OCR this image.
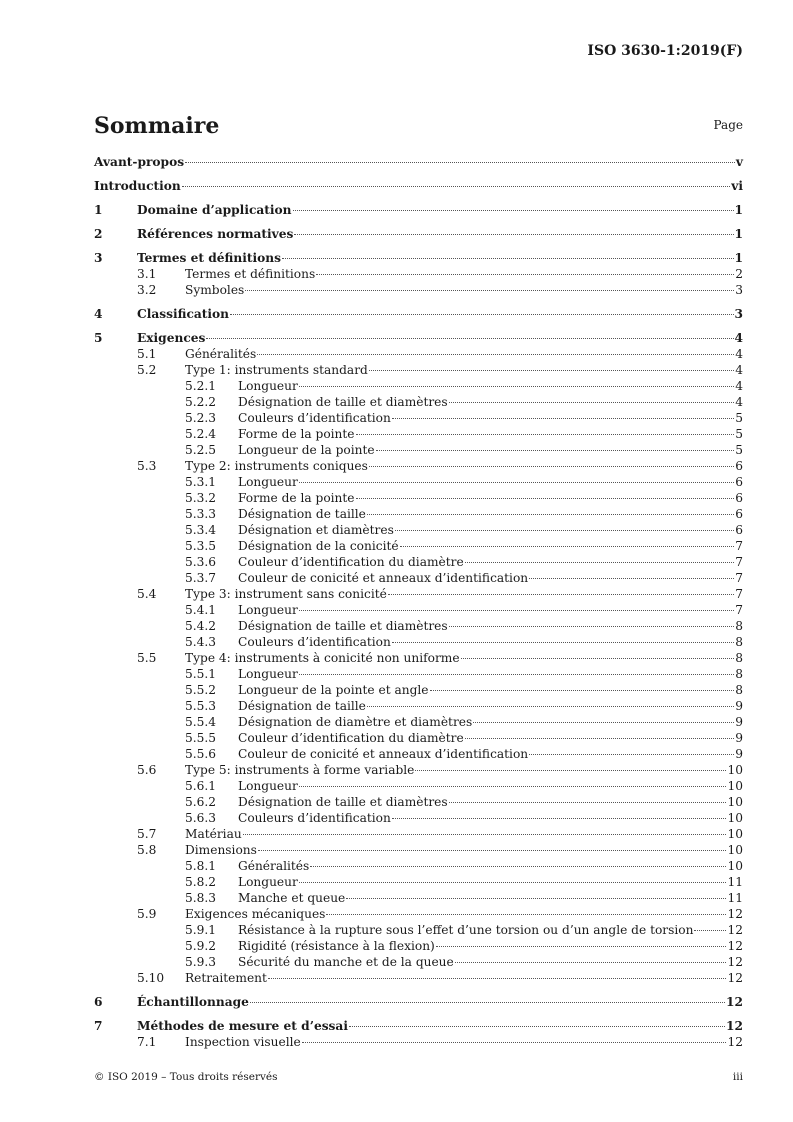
ISO 3630-1:2019(F)
Sommaire	Page
Avant-propos	v
Introduction	vi
1	Domaine d’application	1
2	Références normatives	1
3	Termes et définitions	1
3.1 Termes et définitions	2
3.2 Symboles	3
4	Classification	3
5	Exigences	4
5.1 Généralités	4
5.2 Type 1: instruments standard	4
5.2.1 Longueur	4
5.2.2 Désignation de taille et diamètres	4
5.2.3 Couleurs d’identification	5
5.2.4 Forme de la pointe	5
5.2.5 Longueur de la pointe	5
5.3 Type 2: instruments coniques	6
5.3.1 Longueur	6
5.3.2 Forme de la pointe	6
5.3.3 Désignation de taille	6
5.3.4 Désignation et diamètres	6
5.3.5 Désignation de la conicité	7
5.3.6 Couleur d’identification du diamètre	7
5.3.7 Couleur de conicité et anneaux d’identification	7
5.4 Type 3: instrument sans conicité	7
5.4.1 Longueur	7
5.4.2 Désignation de taille et diamètres	8
5.4.3 Couleurs d’identification	8
5.5 Type 4: instruments à conicité non uniforme	8
5.5.1 Longueur	8
5.5.2 Longueur de la pointe et angle	8
5.5.3 Désignation de taille	9
5.5.4 Désignation de diamètre et diamètres	9
5.5.5 Couleur d’identification du diamètre	9
5.5.6 Couleur de conicité et anneaux d’identification	9
5.6 Type 5: instruments à forme variable	10
5.6.1 Longueur	10
5.6.2 Désignation de taille et diamètres	10
5.6.3 Couleurs d’identification	10
5.7 Matériau	10
5.8 Dimensions	10
5.8.1 Généralités	10
5.8.2 Longueur	11
5.8.3 Manche et queue	11
5.9 Exigences mécaniques	12
5.9.1 Résistance à la rupture sous l’effet d’une torsion ou d’un angle de torsion	12
5.9.2 Rigidité (résistance à la flexion)	12
5.9.3 Sécurité du manche et de la queue	12
5.10 Retraitement	12
6	Échantillonnage	12
7	Méthodes de mesure et d’essai	12
7.1 Inspection visuelle	12
© ISO 2019 – Tous droits réservés	iii
